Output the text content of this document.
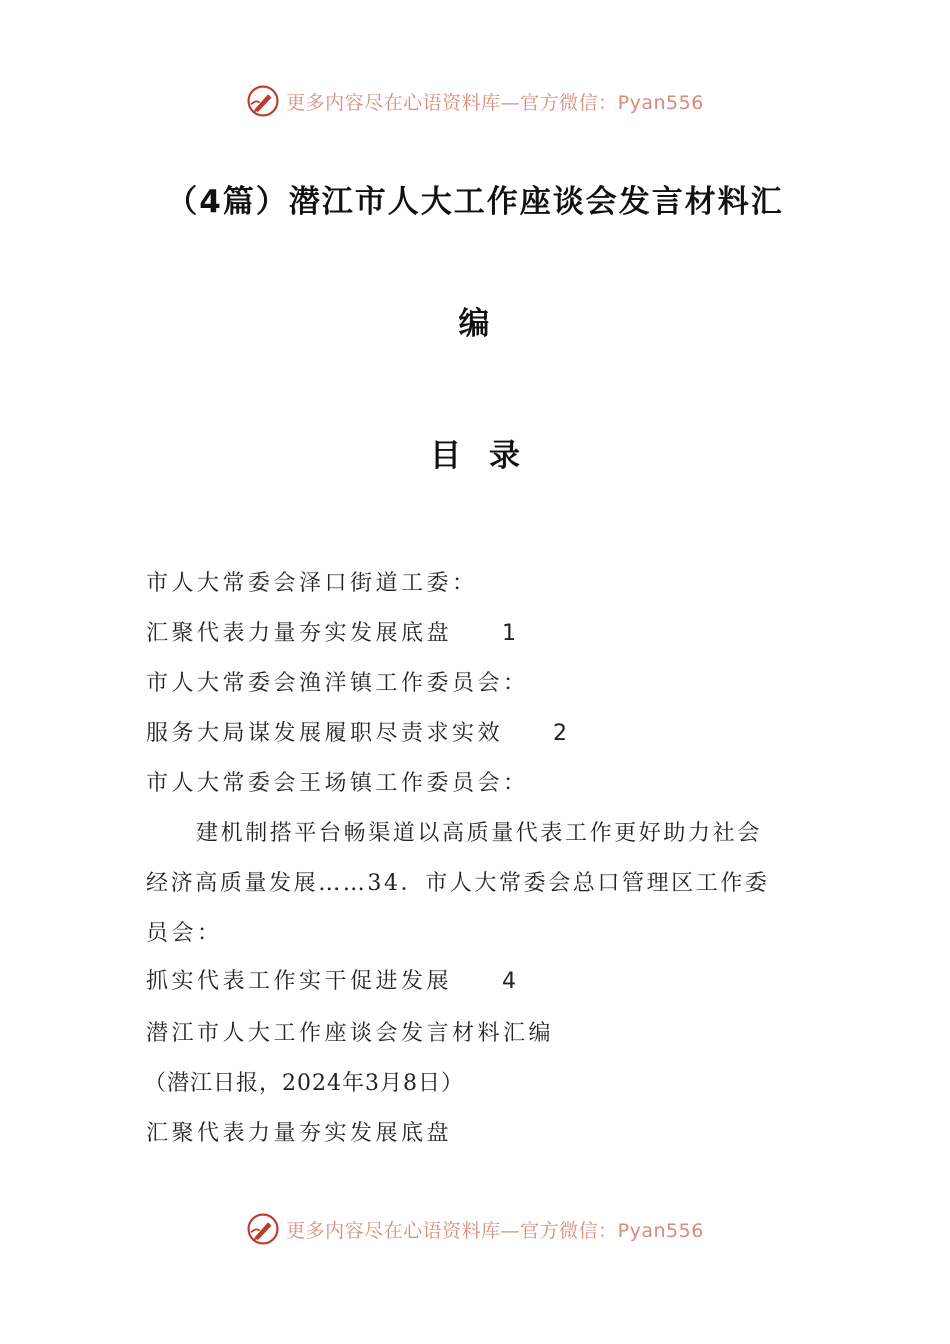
更多内容尽在心语资料库—官方微信：Pyan556
（4篇）潜江市人大工作座谈会发言材料汇
编
目录
市人大常委会泽口街道工委：
汇聚代表力量夯实发展底盘 1
市人大常委会渔洋镇工作委员会：
服务大局谋发展履职尽责求实效 2
市人大常委会王场镇工作委员会：
建机制搭平台畅渠道以高质量代表工作更好助力社会
经济高质量发展……34．市人大常委会总口管理区工作委
员会：
抓实代表工作实干促进发展 4
潜江市人大工作座谈会发言材料汇编
（潜江日报，2024年3月8日）
汇聚代表力量夯实发展底盘
更多内容尽在心语资料库—官方微信：Pyan556
